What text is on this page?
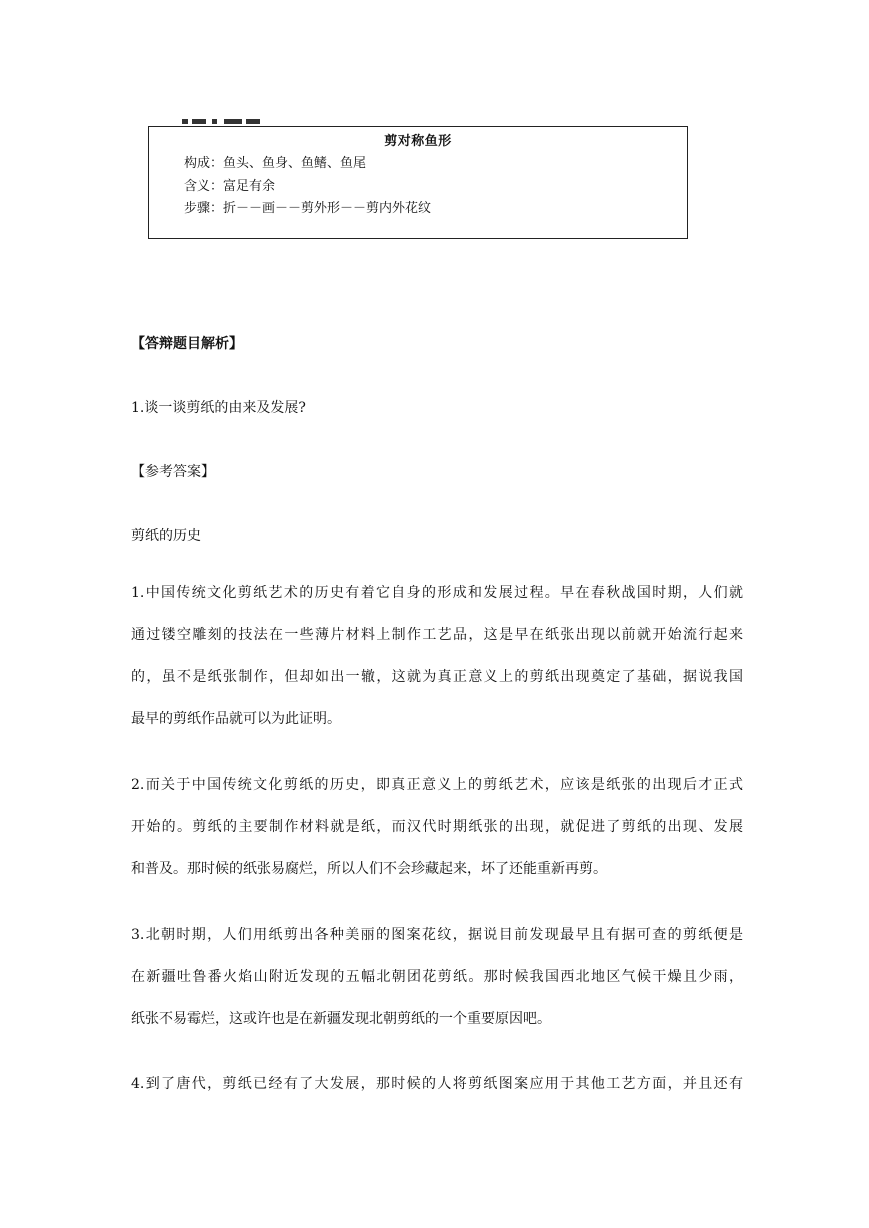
剪对称鱼形
构成：鱼头、鱼身、鱼鳍、鱼尾
含义：富足有余
步骤：折－－画－－剪外形－－剪内外花纹
【答辩题目解析】
1.谈一谈剪纸的由来及发展?
【参考答案】
剪纸的历史
1.中国传统文化剪纸艺术的历史有着它自身的形成和发展过程。早在春秋战国时期，人们就
通过镂空雕刻的技法在一些薄片材料上制作工艺品，这是早在纸张出现以前就开始流行起来
的，虽不是纸张制作，但却如出一辙，这就为真正意义上的剪纸出现奠定了基础，据说我国
最早的剪纸作品就可以为此证明。
2.而关于中国传统文化剪纸的历史，即真正意义上的剪纸艺术，应该是纸张的出现后才正式
开始的。剪纸的主要制作材料就是纸，而汉代时期纸张的出现，就促进了剪纸的出现、发展
和普及。那时候的纸张易腐烂，所以人们不会珍藏起来，坏了还能重新再剪。
3.北朝时期，人们用纸剪出各种美丽的图案花纹，据说目前发现最早且有据可查的剪纸便是
在新疆吐鲁番火焰山附近发现的五幅北朝团花剪纸。那时候我国西北地区气候干燥且少雨，
纸张不易霉烂，这或许也是在新疆发现北朝剪纸的一个重要原因吧。
4.到了唐代，剪纸已经有了大发展，那时候的人将剪纸图案应用于其他工艺方面，并且还有
